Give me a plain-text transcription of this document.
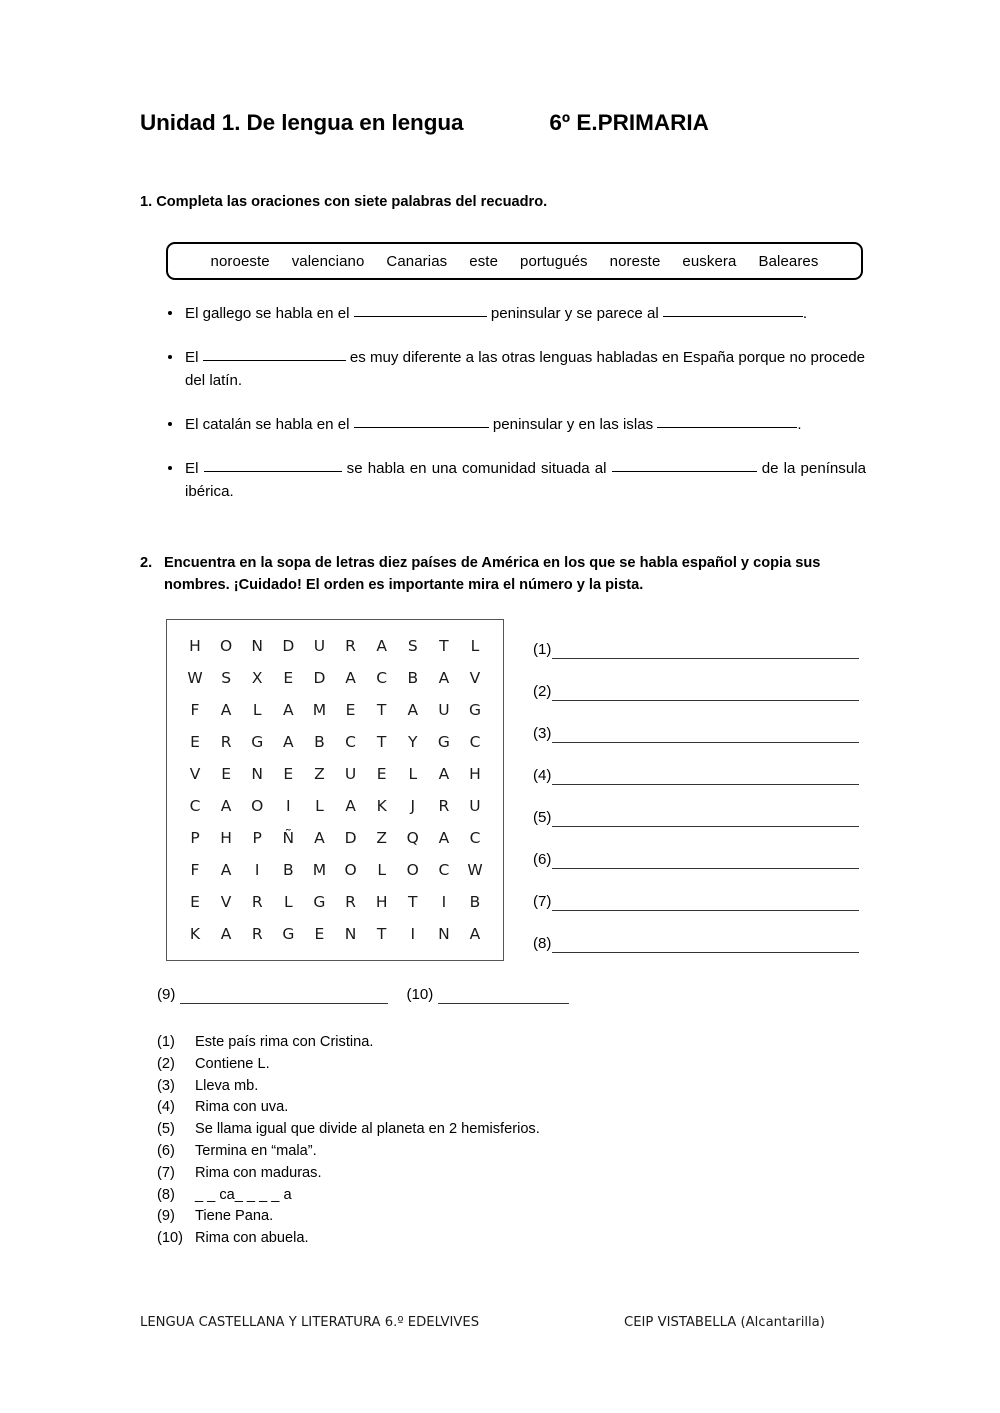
Unidad 1. De lengua en lengua	6º E.PRIMARIA
1. Completa las oraciones con siete palabras del recuadro.
noroeste valenciano Canarias este portugués noreste euskera Baleares
El gallego se habla en el	peninsular y se parece al	.
El	es muy diferente a las otras lenguas habladas en España porque no procede del latín.
El catalán se habla en el	peninsular y en las islas	.
El	se habla en una comunidad situada al	de la península ibérica.
2. Encuentra en la sopa de letras diez países de América en los que se habla español y copia sus nombres. ¡Cuidado! El orden es importante mira el número y la pista.
H	O	N	D	U	R	A	S	T	L
W	S	X	E	D	A	C	B	A	V
F	A	L	A	M	E	T	A	U	G
E	R	G	A	B	C	T	Y	G	C
V	E	N	E	Z	U	E	L	A	H
C	A	O	I	L	A	K	J	R	U
P	H	P	Ñ	A	D	Z	Q	A	C
F	A	I	B	M	O	L	O	C	W
E	V	R	L	G	R	H	T	I	B
K	A	R	G	E	N	T	I	N	A
(1)
(2)
(3)
(4)
(5)
(6)
(7)
(8)
(9)	(10)
(1) Este país rima con Cristina.
(2) Contiene L.
(3) Lleva mb.
(4) Rima con uva.
(5) Se llama igual que divide al planeta en 2 hemisferios.
(6) Termina en “mala”.
(7) Rima con maduras.
(8) _ _ ca_ _ _ _ a
(9) Tiene Pana.
(10) Rima con abuela.
LENGUA CASTELLANA Y LITERATURA 6.º EDELVIVES	CEIP VISTABELLA (Alcantarilla)
